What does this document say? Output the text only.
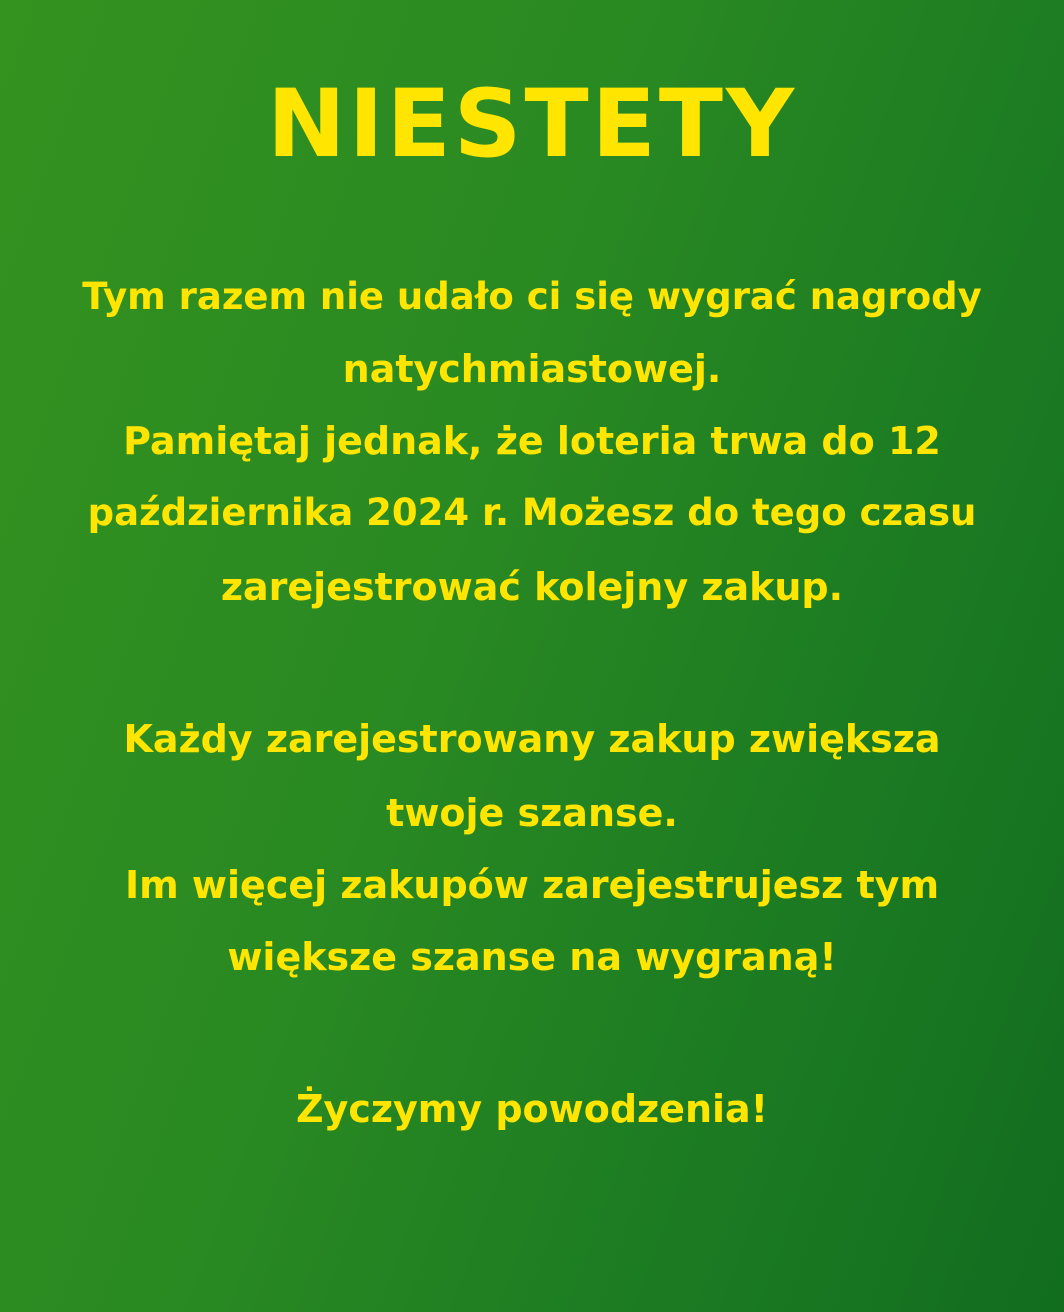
NIESTETY

Tym razem nie udało ci się wygrać nagrody

natychmiastowej.

Pamiętaj jednak, że loteria trwa do 12

października 2024 r. Możesz do tego czasu

zarejestrować kolejny zakup.

Każdy zarejestrowany zakup zwiększa

twoje szanse.

Im więcej zakupów zarejestrujesz tym

większe szanse na wygraną!

Życzymy powodzenia!
